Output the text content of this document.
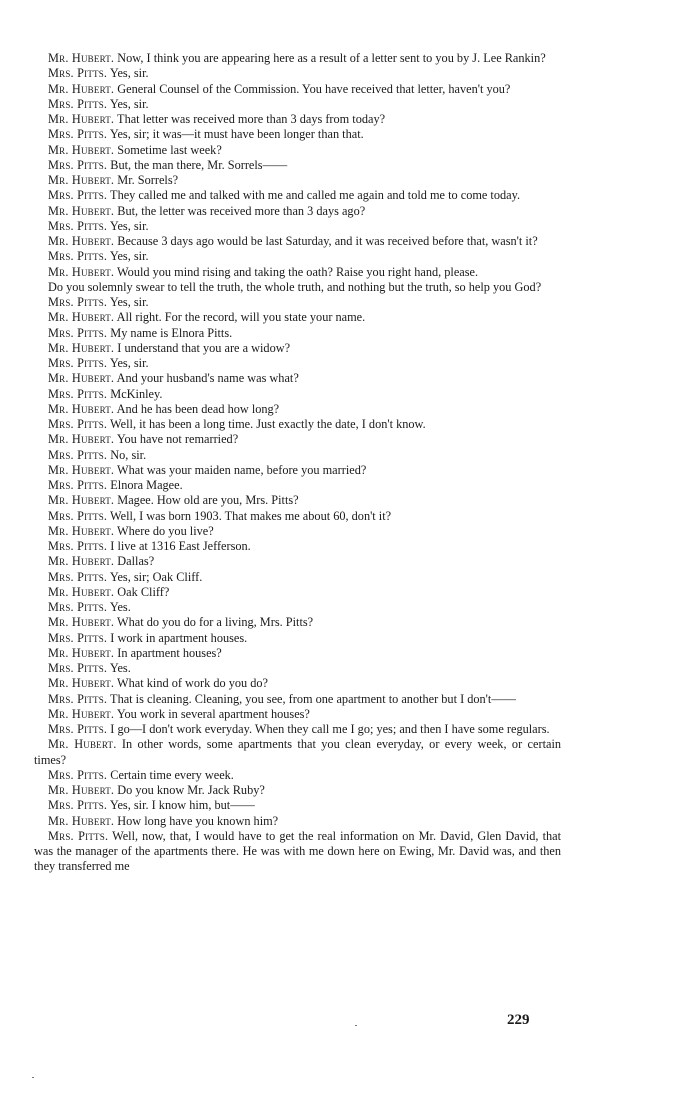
Mr. Hubert. Now, I think you are appearing here as a result of a letter sent to you by J. Lee Rankin?

Mrs. Pitts. Yes, sir.

Mr. Hubert. General Counsel of the Commission. You have received that letter, haven't you?

Mrs. Pitts. Yes, sir.

Mr. Hubert. That letter was received more than 3 days from today?

Mrs. Pitts. Yes, sir; it was—it must have been longer than that.

Mr. Hubert. Sometime last week?

Mrs. Pitts. But, the man there, Mr. Sorrels——

Mr. Hubert. Mr. Sorrels?

Mrs. Pitts. They called me and talked with me and called me again and told me to come today.

Mr. Hubert. But, the letter was received more than 3 days ago?

Mrs. Pitts. Yes, sir.

Mr. Hubert. Because 3 days ago would be last Saturday, and it was received before that, wasn't it?

Mrs. Pitts. Yes, sir.

Mr. Hubert. Would you mind rising and taking the oath? Raise you right hand, please.

Do you solemnly swear to tell the truth, the whole truth, and nothing but the truth, so help you God?

Mrs. Pitts. Yes, sir.

Mr. Hubert. All right. For the record, will you state your name.

Mrs. Pitts. My name is Elnora Pitts.

Mr. Hubert. I understand that you are a widow?

Mrs. Pitts. Yes, sir.

Mr. Hubert. And your husband's name was what?

Mrs. Pitts. McKinley.

Mr. Hubert. And he has been dead how long?

Mrs. Pitts. Well, it has been a long time. Just exactly the date, I don't know.

Mr. Hubert. You have not remarried?

Mrs. Pitts. No, sir.

Mr. Hubert. What was your maiden name, before you married?

Mrs. Pitts. Elnora Magee.

Mr. Hubert. Magee. How old are you, Mrs. Pitts?

Mrs. Pitts. Well, I was born 1903. That makes me about 60, don't it?

Mr. Hubert. Where do you live?

Mrs. Pitts. I live at 1316 East Jefferson.

Mr. Hubert. Dallas?

Mrs. Pitts. Yes, sir; Oak Cliff.

Mr. Hubert. Oak Cliff?

Mrs. Pitts. Yes.

Mr. Hubert. What do you do for a living, Mrs. Pitts?

Mrs. Pitts. I work in apartment houses.

Mr. Hubert. In apartment houses?

Mrs. Pitts. Yes.

Mr. Hubert. What kind of work do you do?

Mrs. Pitts. That is cleaning. Cleaning, you see, from one apartment to another but I don't——

Mr. Hubert. You work in several apartment houses?

Mrs. Pitts. I go—I don't work everyday. When they call me I go; yes; and then I have some regulars.

Mr. Hubert. In other words, some apartments that you clean everyday, or every week, or certain times?

Mrs. Pitts. Certain time every week.

Mr. Hubert. Do you know Mr. Jack Ruby?

Mrs. Pitts. Yes, sir. I know him, but——

Mr. Hubert. How long have you known him?

Mrs. Pitts. Well, now, that, I would have to get the real information on Mr. David, Glen David, that was the manager of the apartments there. He was with me down here on Ewing, Mr. David was, and then they transferred me

229
